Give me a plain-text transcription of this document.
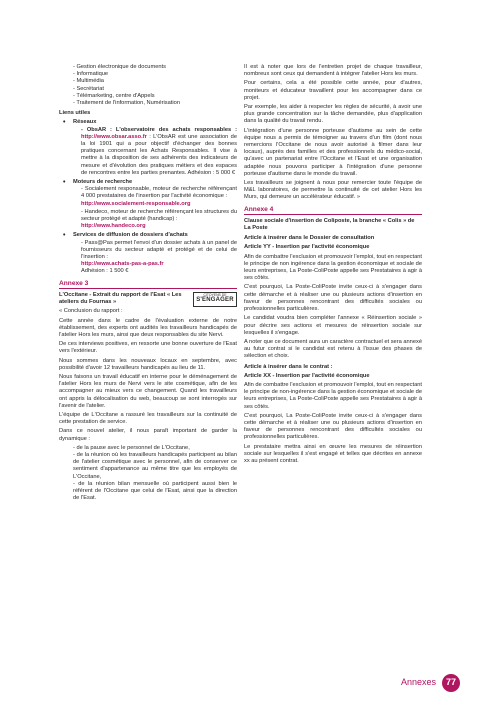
- Gestion électronique de documents

- Informatique

- Multimédia

- Secrétariat

- Télémarketing, centre d'Appels

- Traitement de l'information, Numérisation

Liens utiles

• Réseaux

- ObsAR : L'observatoire des achats responsables : http://www.obsar.asso.fr : L'ObsAR est une association de la loi 1901 qui a pour objectif d'échanger des bonnes pratiques concernant les Achats Responsables. Il vise à mettre à la disposition de ses adhérents des indicateurs de mesure et d'évolution des pratiques métiers et des espaces de rencontres entre les parties prenantes. Adhésion : 5 000 €

• Moteurs de recherche

- Socialement responsable, moteur de recherche référençant 4 000 prestataires de l'insertion par l'activité économique :
http://www.socialement-responsable.org

- Handeco, moteur de recherche référençant les structures du secteur protégé et adapté (handicap) :
http://www.handeco.org

• Services de diffusion de dossiers d'achats

- Pass@Pas permet l'envoi d'un dossier achats à un panel de fournisseurs du secteur adapté et protégé et de celui de l'insertion :
http://www.achats-pas-a-pas.fr
Adhésion : 1 500 €

Annexe 3
CITOYENS DE
S'ENGAGER

L'Occitane - Extrait du rapport de l'Esat « Les ateliers du Fournas »

« Conclusion du rapport :

Cette année dans le cadre de l'évaluation externe de notre établissement, des experts ont audités les travailleurs handicapés de l'atelier Hors les murs, ainsi que deux responsables du site Nervi.

De ces interviews positives, en ressorte une bonne ouverture de l'Esat vers l'extérieur.

Nous sommes dans les nouveaux locaux en septembre, avec possibilité d'avoir 12 travailleurs handicapés au lieu de 11.

Nous faisons un travail éducatif en interne pour le déménagement de l'atelier Hors les murs de Nervi vers le site cosmétique, afin de les accompagner au mieux vers ce changement. Quand les travailleurs ont appris la délocalisation du web, beaucoup se sont interrogés sur l'avenir de l'atelier.

L'équipe de L'Occitane a rassuré les travailleurs sur la continuité de cette prestation de service.

Dans ce nouvel atelier, il nous paraît important de garder la dynamique :

- de la pause avec le personnel de L'Occitane,

- de la réunion où les travailleurs handicapés participent au bilan de l'atelier cosmétique avec le personnel, afin de conserver ce sentiment d'appartenance au même titre que les employés de L'Occitane,

- de la réunion bilan mensuelle où participent aussi bien le référent de l'Occitane que celui de l'Esat, ainsi que la direction de l'Esat.

Il est à noter que lors de l'entretien projet de chaque travailleur, nombreux sont ceux qui demandent à intégrer l'atelier Hors les murs.

Pour certains, cela a été possible cette année, pour d'autres, moniteurs et éducateur travaillent pour les accompagner dans ce projet.

Par exemple, les aider à respecter les règles de sécurité, à avoir une plus grande concentration sur la tâche demandée, plus d'application dans la qualité du travail rendu.

L'intégration d'une personne porteuse d'autisme au sein de cette équipe nous a permis de témoigner au travers d'un film (dont nous remercions l'Occitane de nous avoir autorisé à filmer dans leur locaux), auprès des familles et des professionnels du médico-social, qu'avec un partenariat entre l'Occitane et l'Esat et une organisation adaptée nous pouvons participer à l'intégration d'une personne porteuse d'autisme dans le monde du travail.

Les travailleurs se joignent à nous pour remercier toute l'équipe de M&L laboratoires, de permettre la continuité de cet atelier Hors les Murs, qui demeure un accélérateur éducatif. »

Annexe 4

Clause sociale d'insertion de Coliposte, la branche « Colis » de La Poste

Article à insérer dans le Dossier de consultation

Article YY - Insertion par l'activité économique

Afin de combattre l'exclusion et promouvoir l'emploi, tout en respectant le principe de non ingérence dans la gestion économique et sociale de leurs entreprises, La Poste-ColiPoste appelle ses Prestataires à agir à ses côtés.

C'est pourquoi, La Poste-ColiPoste invite ceux-ci à s'engager dans cette démarche et à réaliser une ou plusieurs actions d'insertion en faveur de personnes rencontrant des difficultés sociales ou professionnelles particulières.

Le candidat voudra bien compléter l'annexe « Réinsertion sociale » pour décrire ses actions et mesures de réinsertion sociale sur lesquelles il s'engage.

A noter que ce document aura un caractère contractuel et sera annexé au futur contrat si le candidat est retenu à l'issue des phases de sélection et choix.

Article à insérer dans le contrat :

Article XX - Insertion par l'activité économique

Afin de combattre l'exclusion et promouvoir l'emploi, tout en respectant le principe de non-ingérence dans la gestion économique et sociale de leurs entreprises, La Poste-ColiPoste appelle ses Prestataires à agir à ses côtés.

C'est pourquoi, La Poste-ColiPoste invite ceux-ci à s'engager dans cette démarche et à réaliser une ou plusieurs actions d'insertion en faveur de personnes rencontrant des difficultés sociales ou professionnelles particulières.

Le prestataire mettra ainsi en œuvre les mesures de réinsertion sociale sur lesquelles il s'est engagé et telles que décrites en annexe xx au présent contrat.

Annexes	77
